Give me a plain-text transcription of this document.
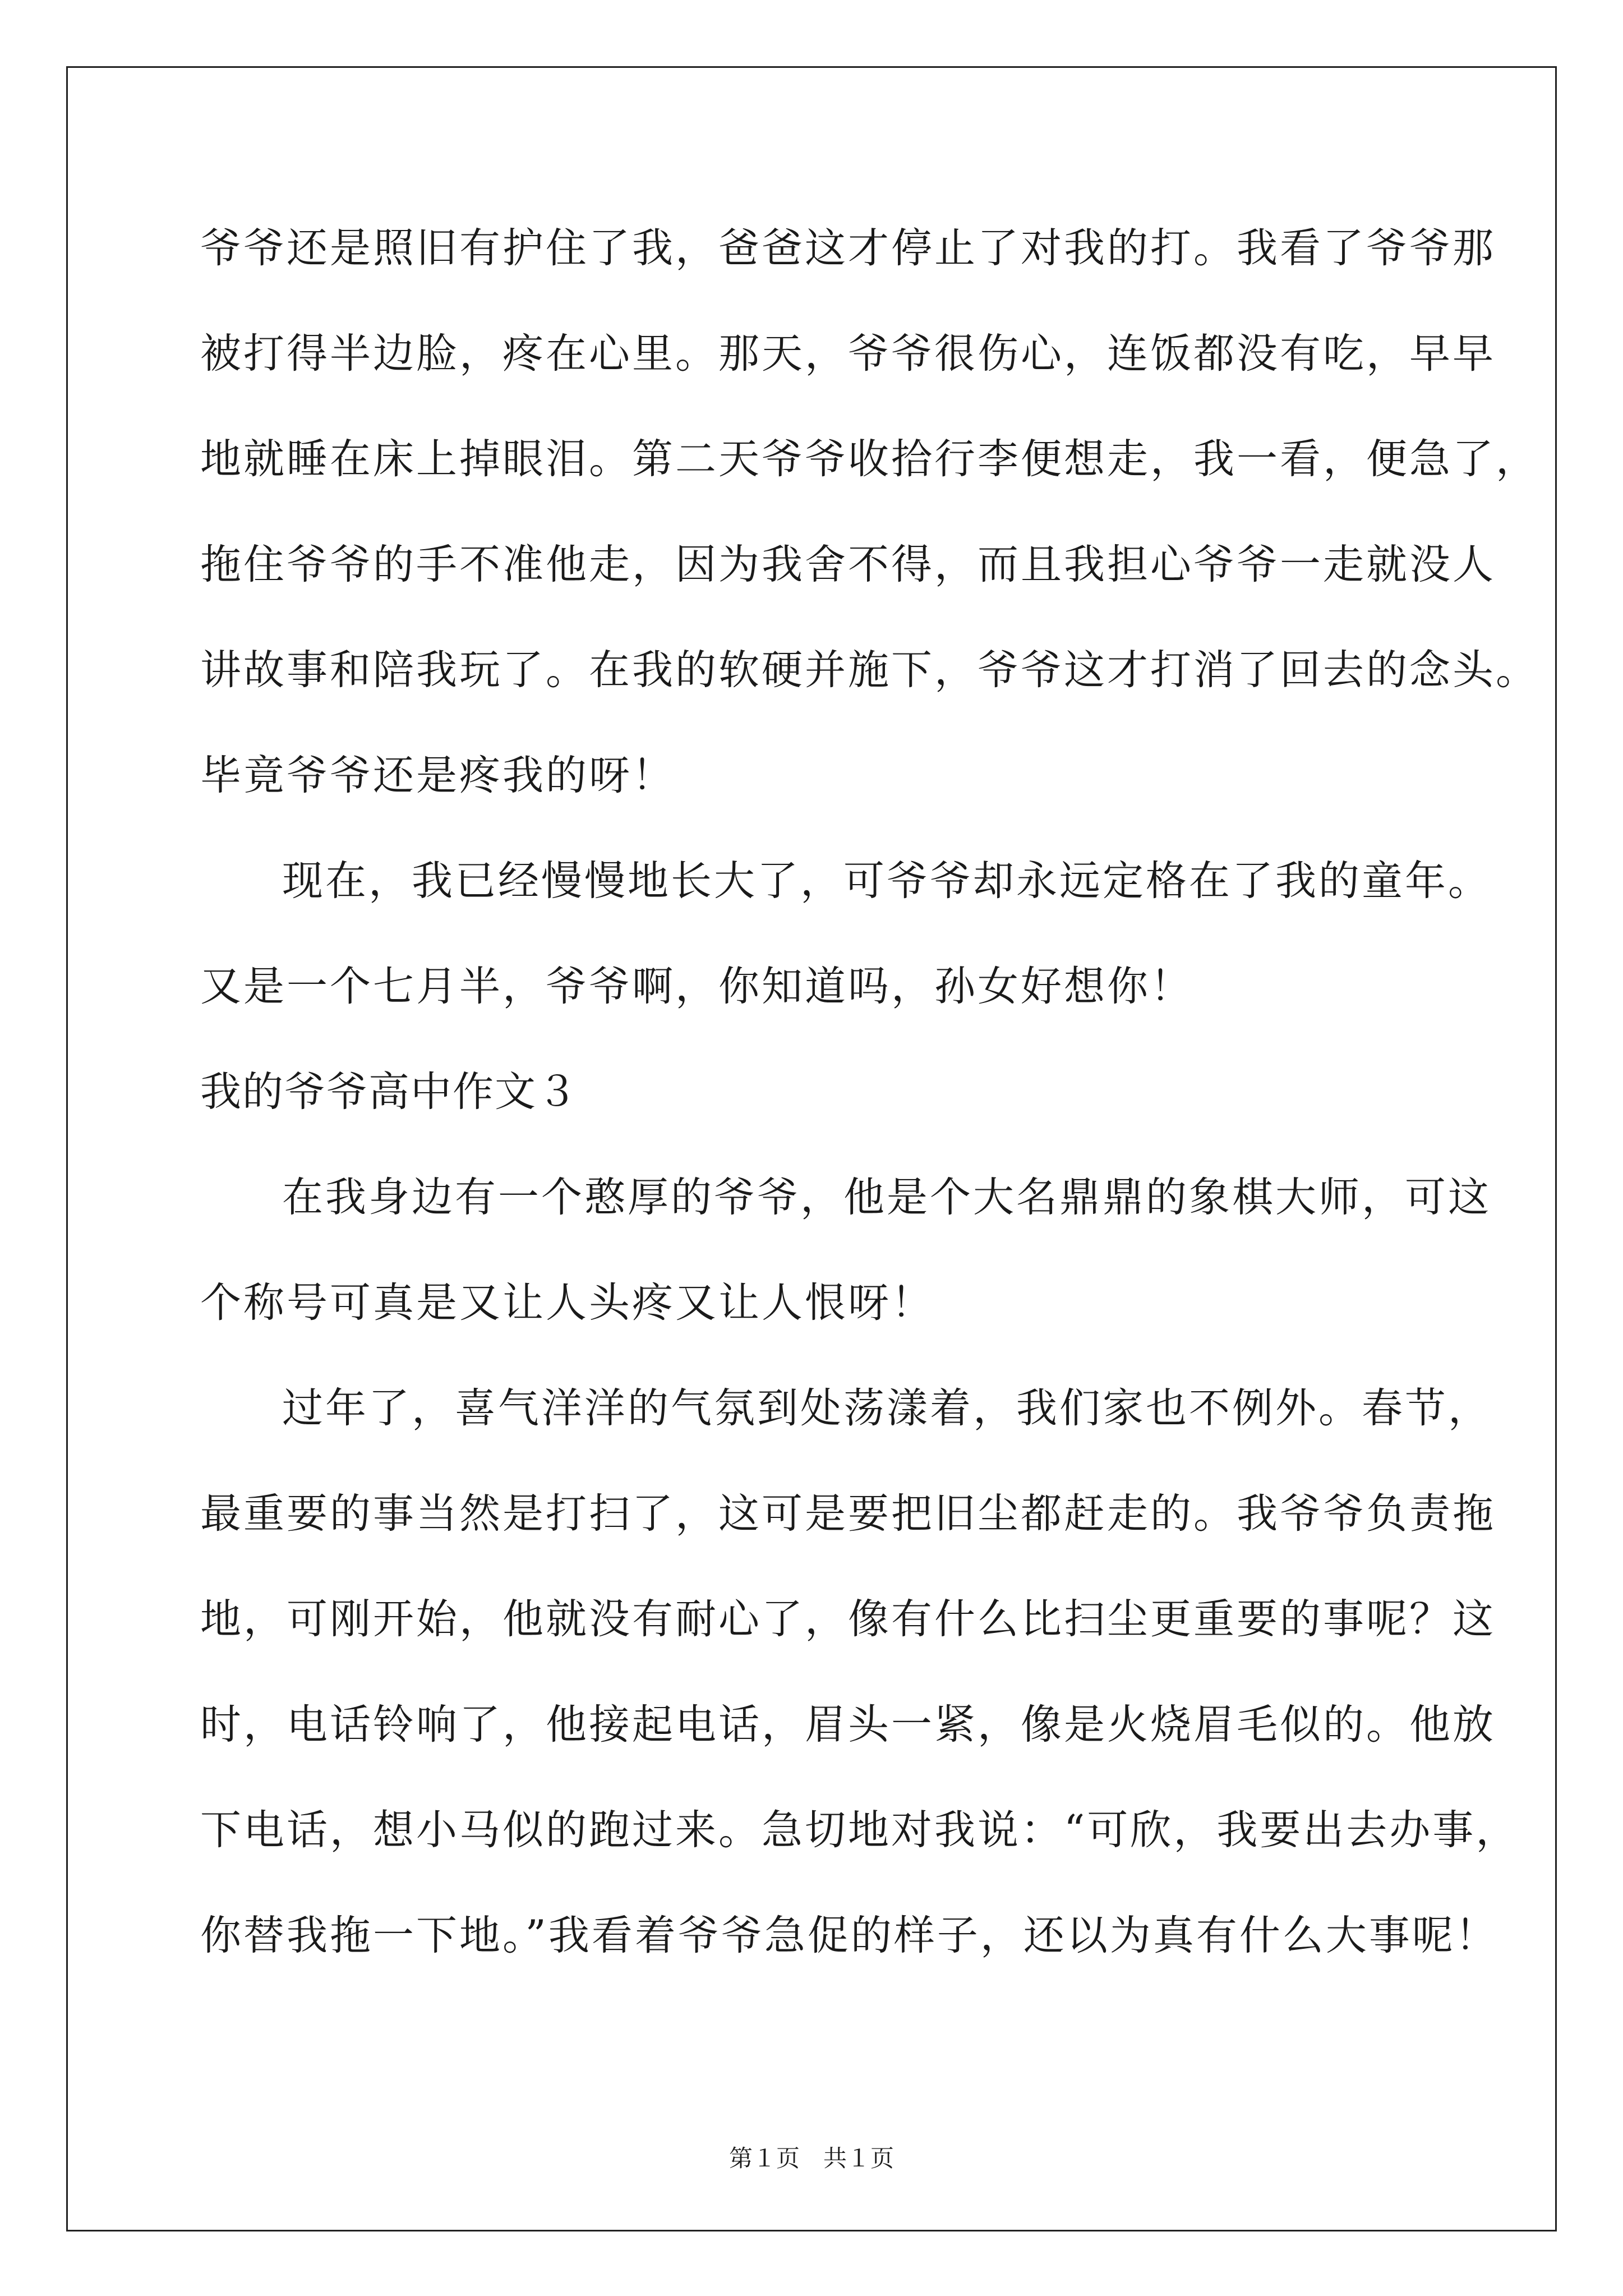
爷爷还是照旧有护住了我，爸爸这才停止了对我的打。我看了爷爷那
被打得半边脸，疼在心里。那天，爷爷很伤心，连饭都没有吃，早早
地就睡在床上掉眼泪。第二天爷爷收拾行李便想走，我一看，便急了，
拖住爷爷的手不准他走，因为我舍不得，而且我担心爷爷一走就没人
讲故事和陪我玩了。在我的软硬并施下，爷爷这才打消了回去的念头。
毕竟爷爷还是疼我的呀！
现在，我已经慢慢地长大了，可爷爷却永远定格在了我的童年。
又是一个七月半，爷爷啊，你知道吗，孙女好想你！
我的爷爷高中作文３
在我身边有一个憨厚的爷爷，他是个大名鼎鼎的象棋大师，可这
个称号可真是又让人头疼又让人恨呀！
过年了，喜气洋洋的气氛到处荡漾着，我们家也不例外。春节，
最重要的事当然是打扫了，这可是要把旧尘都赶走的。我爷爷负责拖
地，可刚开始，他就没有耐心了，像有什么比扫尘更重要的事呢？这
时，电话铃响了，他接起电话，眉头一紧，像是火烧眉毛似的。他放
下电话，想小马似的跑过来。急切地对我说：“可欣，我要出去办事，
你替我拖一下地。”我看着爷爷急促的样子，还以为真有什么大事呢！
第１页　共１页
